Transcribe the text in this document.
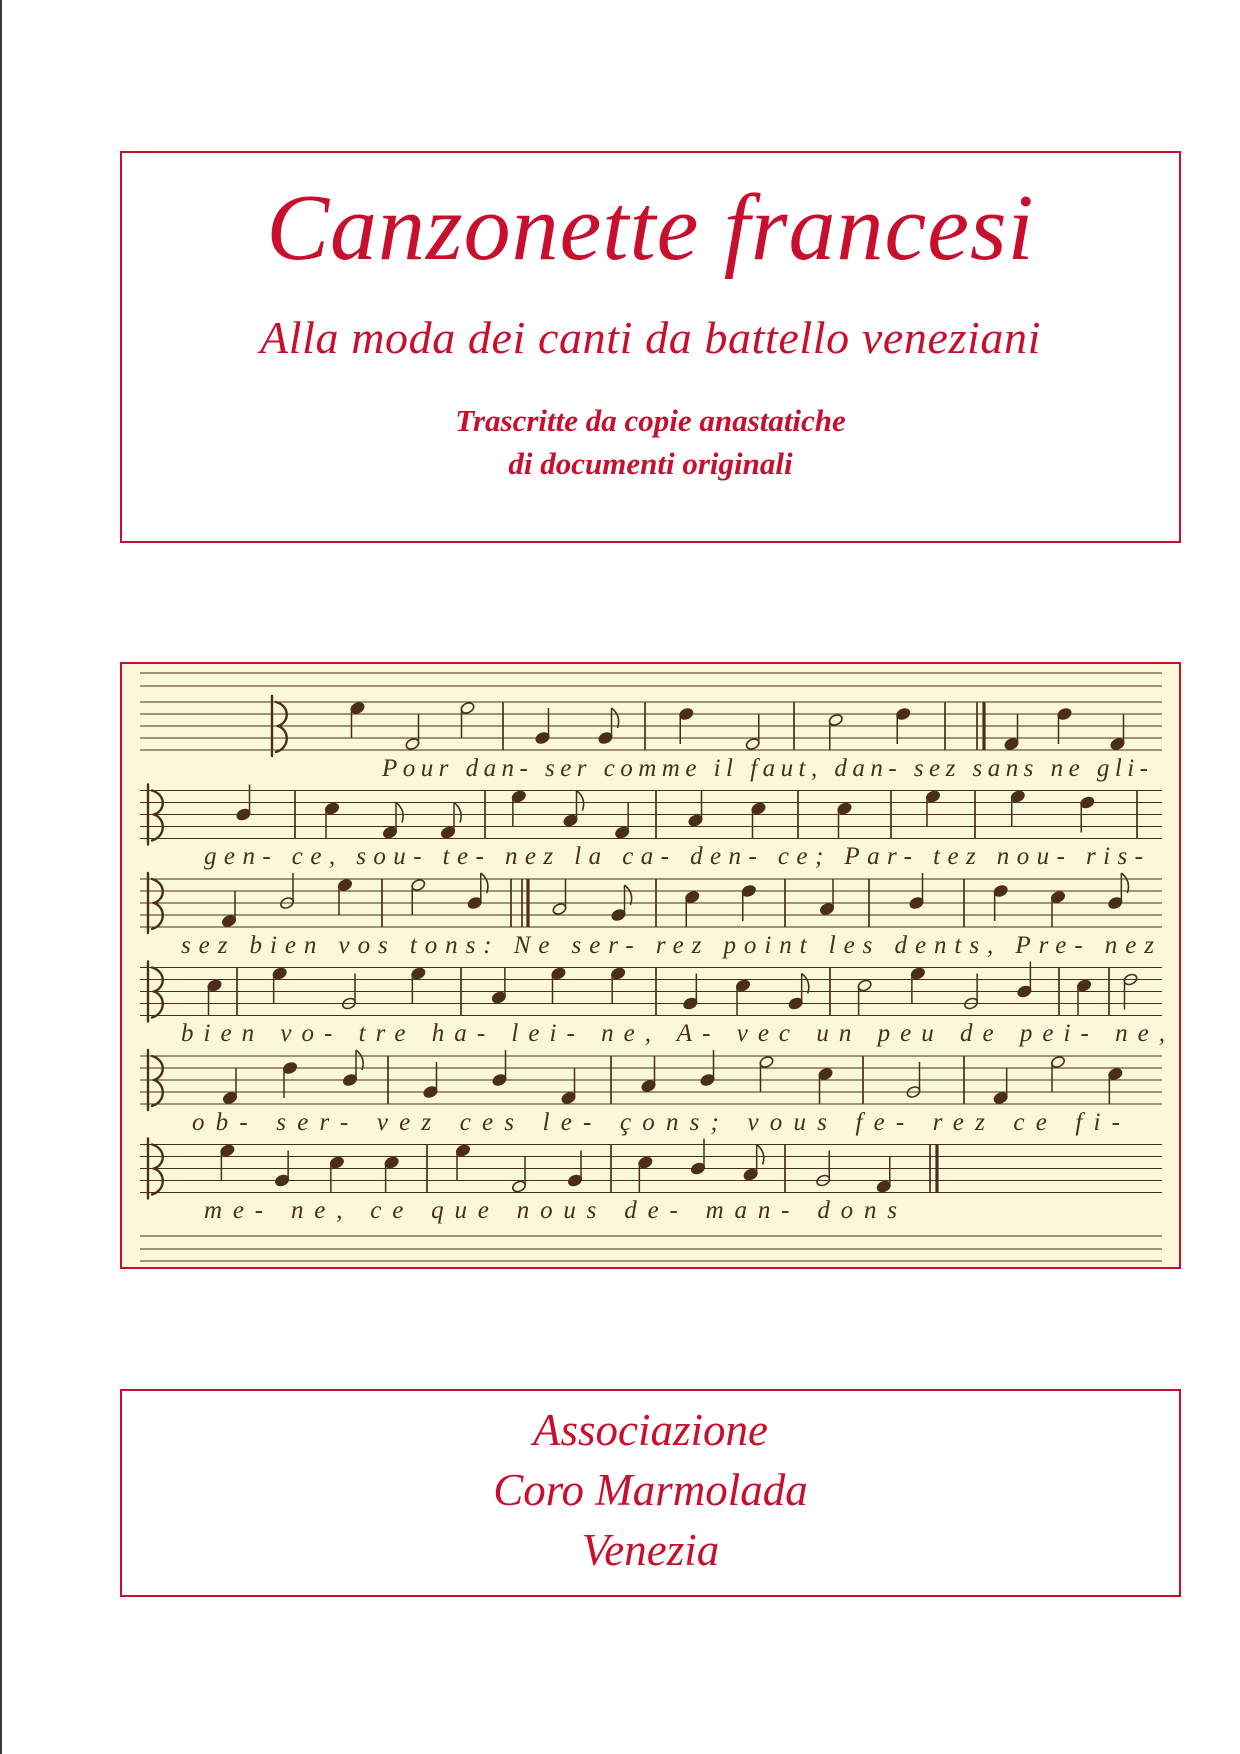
Canzonette francesi
Alla moda dei canti da battello veneziani
Trascritte da copie anastatiche
di documenti originali
Pour dan- ser comme il faut, dan- sez sans ne gli-
gen- ce, sou- te- nez la ca- den- ce; Par- tez nou- ris-
sez bien vos tons: Ne ser- rez point les dents, Pre- nez
bien vo- tre ha- lei- ne, A- vec un peu de pei- ne,
ob- ser- vez ces le- çons; vous fe- rez ce fi-
me- ne, ce que nous de- man- dons
Associazione
Coro Marmolada
Venezia
